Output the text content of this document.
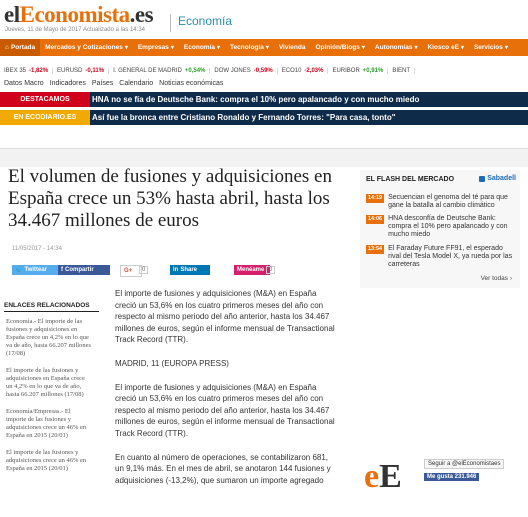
elEconomista.es
Jueves, 11 de Mayo de 2017 Actualizado a las 14:34
Economía
⌂ Portada Mercados y Cotizaciones ▾ Empresas ▾ Economía ▾ Tecnología ▾ Vivienda Opinión/Blogs ▾ Autonomías ▾ Kiosco eE ▾ Servicios ▾
IBEX 35 -1,82% EURUSD -0,11% I. GENERAL DE MADRID +0,54% DOW JONES -0,59% ECO10 -2,03% EURIBOR +0,91% BIENT
Datos Macro Indicadores Países Calendario Noticias económicas
DESTACAMOS	HNA no se fía de Deutsche Bank: compra el 10% pero apalancado y con mucho miedo
EN ECODIARIO.ES	Así fue la bronca entre Cristiano Ronaldo y Fernando Torres: "Para casa, tonto"
El volumen de fusiones y adquisiciones en España crece un 53% hasta abril, hasta los 34.467 millones de euros
11/05/2017 - 14:34
🐦 Twittear f Compartir	G+	0	in Share	Menéame 0
ENLACES RELACIONADOS
Economía.- El importe de las fusiones y adquisiciones en España crece un 4,2% en lo que va de año, hasta 66.207 millones (17/08)
El importe de las fusiones y adquisiciones en España crece un 4,2% en lo que va de año, hasta 66.207 millones (17/08)
Economía/Empresas.- El importe de las fusiones y adquisiciones crece un 46% en España en 2015 (20/01)
El importe de las fusiones y adquisiciones crece un 46% en España en 2015 (20/01)

El importe de fusiones y adquisiciones (M&A) en España creció un 53,6% en los cuatro primeros meses del año con respecto al mismo periodo del año anterior, hasta los 34.467 millones de euros, según el informe mensual de Transactional Track Record (TTR).

MADRID, 11 (EUROPA PRESS)

El importe de fusiones y adquisiciones (M&A) en España creció un 53,6% en los cuatro primeros meses del año con respecto al mismo periodo del año anterior, hasta los 34.467 millones de euros, según el informe mensual de Transactional Track Record (TTR).

En cuanto al número de operaciones, se contabilizaron 681, un 9,1% más. En el mes de abril, se anotaron 144 fusiones y adquisiciones (-13,2%), que sumaron un importe agregado

EL FLASH DEL MERCADO	Sabadell
14:19 Secuencian el genoma del té para que gane la batalla al cambio climático
14:06 HNA desconfía de Deutsche Bank: compra el 10% pero apalancado y con mucho miedo
13:54 El Faraday Future FF91, el esperado rival del Tesla Model X, ya rueda por las carreteras
Ver todas ›
eE	Seguir a @elEconomistaes
Me gusta 231.946
